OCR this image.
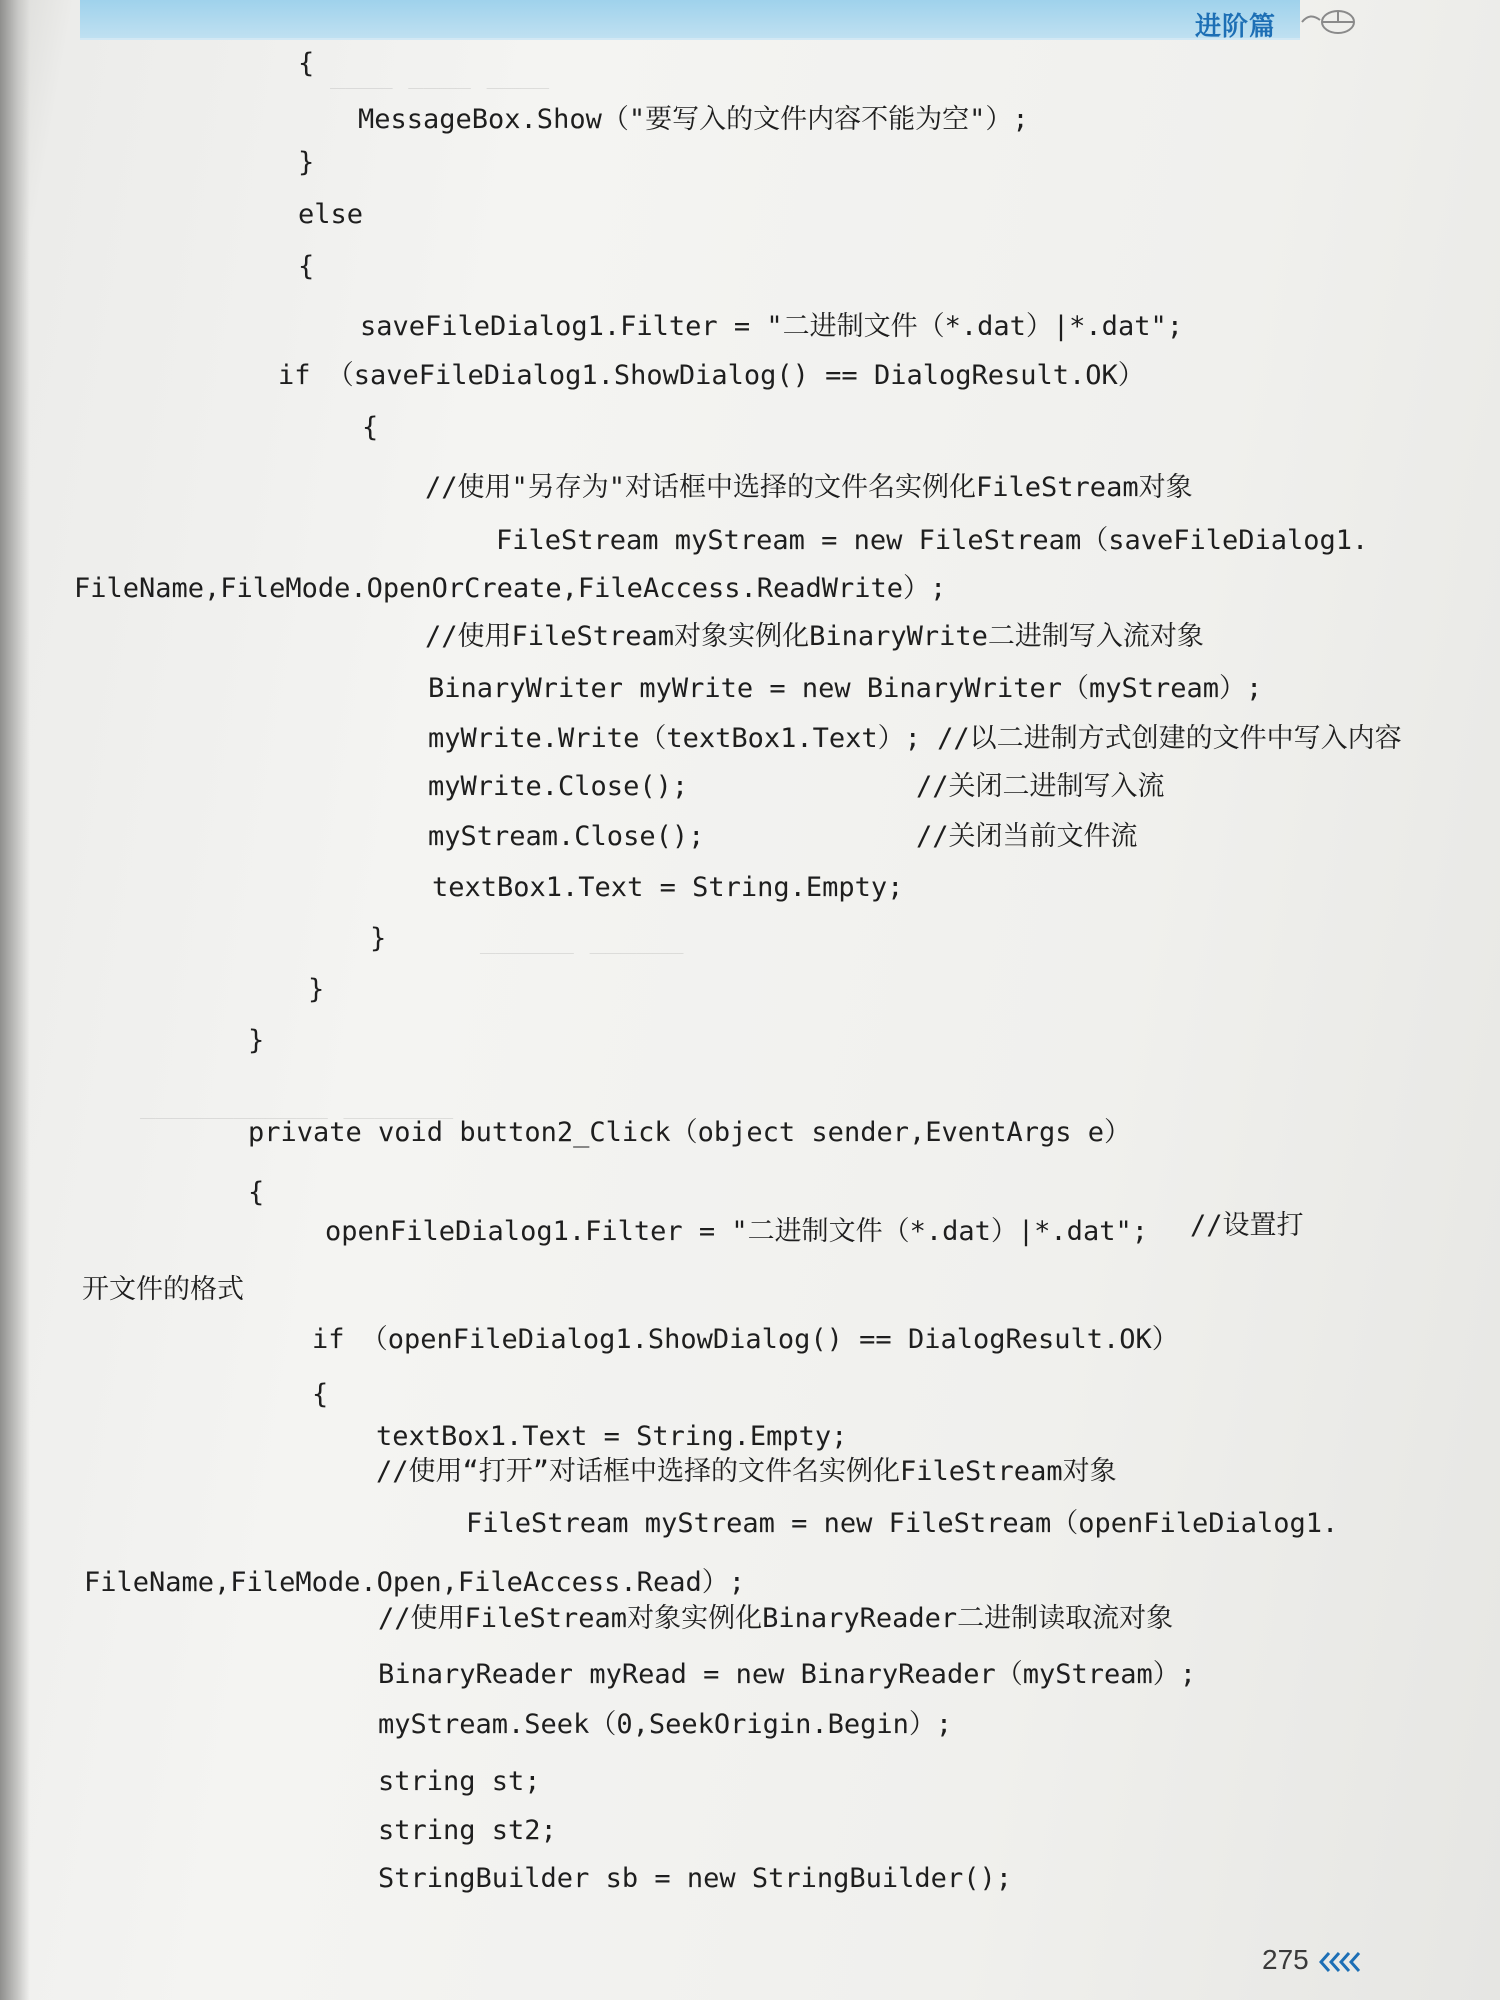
____ ____ ____
______ ______
_______ ____________
进阶篇
{
MessageBox.Show（"要写入的文件内容不能为空"）;
}
else
{
saveFileDialog1.Filter = "二进制文件（*.dat）|*.dat";
if （saveFileDialog1.ShowDialog() == DialogResult.OK）
{
//使用"另存为"对话框中选择的文件名实例化FileStream对象
FileStream myStream = new FileStream（saveFileDialog1.
FileName,FileMode.OpenOrCreate,FileAccess.ReadWrite）;
//使用FileStream对象实例化BinaryWrite二进制写入流对象
BinaryWriter myWrite = new BinaryWriter（myStream）;
myWrite.Write（textBox1.Text）; //以二进制方式创建的文件中写入内容
myWrite.Close();	//关闭二进制写入流
myStream.Close();	//关闭当前文件流
textBox1.Text = String.Empty;
}
}
}
private void button2_Click（object sender,EventArgs e）
{
openFileDialog1.Filter = "二进制文件（*.dat）|*.dat"; //设置打
开文件的格式
if （openFileDialog1.ShowDialog() == DialogResult.OK）
{
textBox1.Text = String.Empty;
//使用“打开”对话框中选择的文件名实例化FileStream对象
FileStream myStream = new FileStream（openFileDialog1.
FileName,FileMode.Open,FileAccess.Read）;
//使用FileStream对象实例化BinaryReader二进制读取流对象
BinaryReader myRead = new BinaryReader（myStream）;
myStream.Seek（0,SeekOrigin.Begin）;
string st;
string st2;
StringBuilder sb = new StringBuilder();
275
